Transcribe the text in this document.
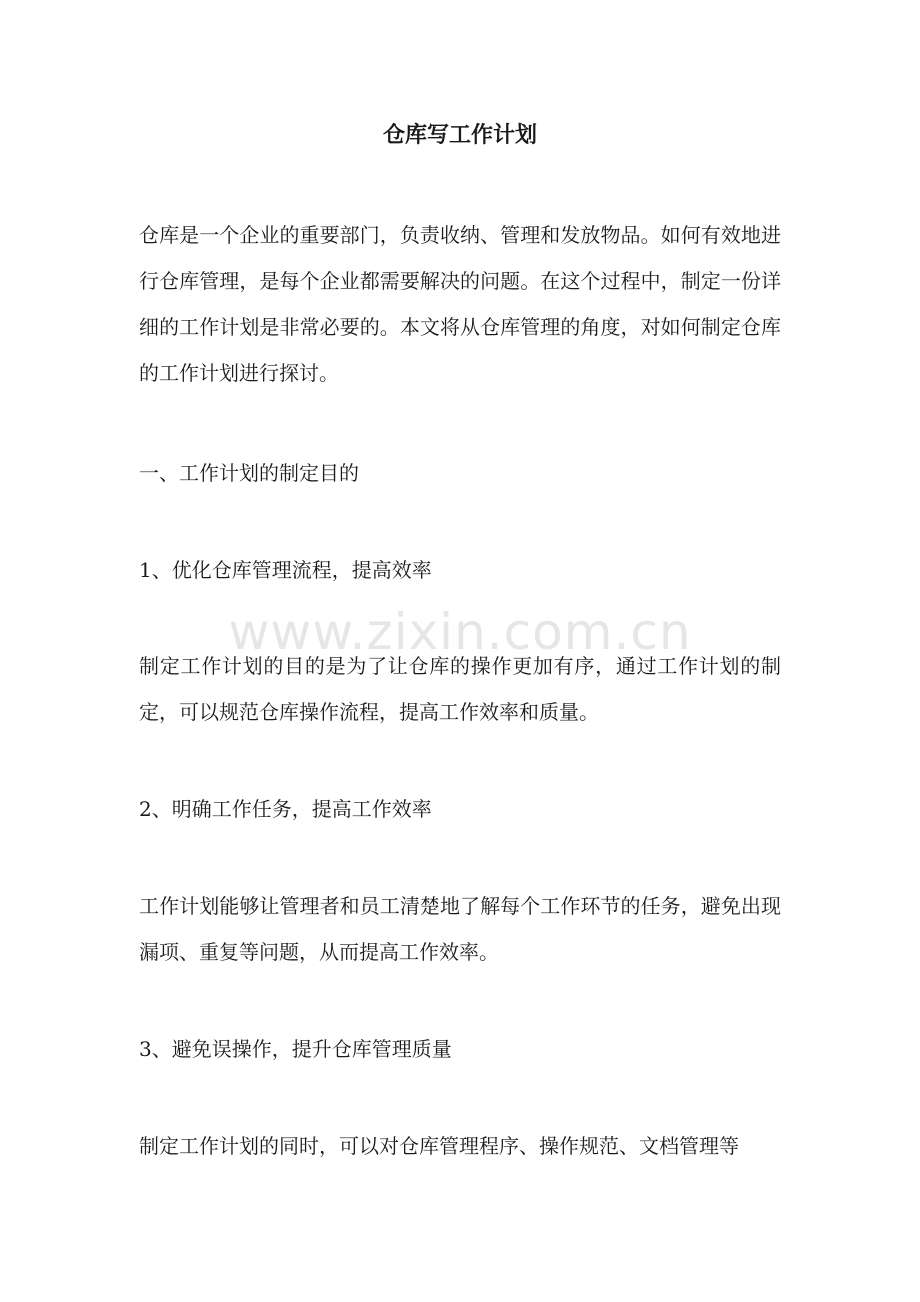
仓库写工作计划

仓库是一个企业的重要部门，负责收纳、管理和发放物品。如何有效地进行仓库管理，是每个企业都需要解决的问题。在这个过程中，制定一份详细的工作计划是非常必要的。本文将从仓库管理的角度，对如何制定仓库的工作计划进行探讨。

一、工作计划的制定目的

1、优化仓库管理流程，提高效率

制定工作计划的目的是为了让仓库的操作更加有序，通过工作计划的制定，可以规范仓库操作流程，提高工作效率和质量。

2、明确工作任务，提高工作效率

工作计划能够让管理者和员工清楚地了解每个工作环节的任务，避免出现漏项、重复等问题，从而提高工作效率。

3、避免误操作，提升仓库管理质量

制定工作计划的同时，可以对仓库管理程序、操作规范、文档管理等

www.zixin.com.cn
